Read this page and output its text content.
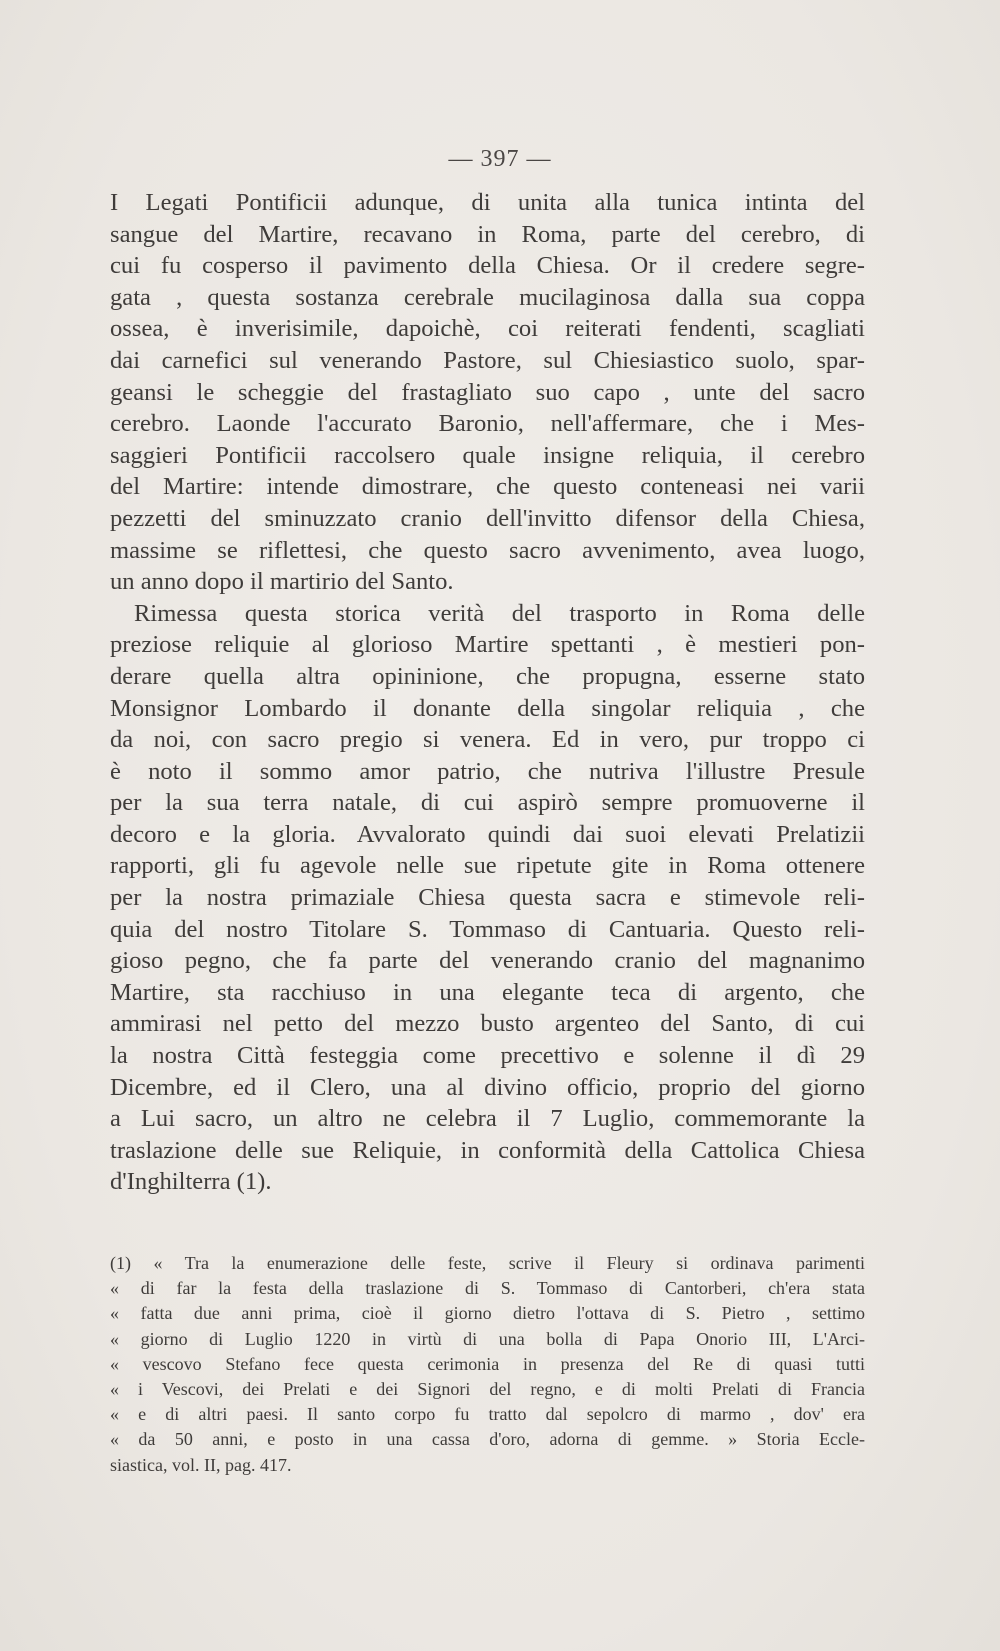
— 397 —
I Legati Pontificii adunque, di unita alla tunica intinta del
sangue del Martire, recavano in Roma, parte del cerebro, di
cui fu cosperso il pavimento della Chiesa. Or il credere segre-
gata , questa sostanza cerebrale mucilaginosa dalla sua coppa
ossea, è inverisimile, dapoichè, coi reiterati fendenti, scagliati
dai carnefici sul venerando Pastore, sul Chiesiastico suolo, spar-
geansi le scheggie del frastagliato suo capo , unte del sacro
cerebro. Laonde l'accurato Baronio, nell'affermare, che i Mes-
saggieri Pontificii raccolsero quale insigne reliquia, il cerebro
del Martire: intende dimostrare, che questo conteneasi nei varii
pezzetti del sminuzzato cranio dell'invitto difensor della Chiesa,
massime se riflettesi, che questo sacro avvenimento, avea luogo,
un anno dopo il martirio del Santo.
Rimessa questa storica verità del trasporto in Roma delle
preziose reliquie al glorioso Martire spettanti , è mestieri pon-
derare quella altra opininione, che propugna, esserne stato
Monsignor Lombardo il donante della singolar reliquia , che
da noi, con sacro pregio si venera. Ed in vero, pur troppo ci
è noto il sommo amor patrio, che nutriva l'illustre Presule
per la sua terra natale, di cui aspirò sempre promuoverne il
decoro e la gloria. Avvalorato quindi dai suoi elevati Prelatizii
rapporti, gli fu agevole nelle sue ripetute gite in Roma ottenere
per la nostra primaziale Chiesa questa sacra e stimevole reli-
quia del nostro Titolare S. Tommaso di Cantuaria. Questo reli-
gioso pegno, che fa parte del venerando cranio del magnanimo
Martire, sta racchiuso in una elegante teca di argento, che
ammirasi nel petto del mezzo busto argenteo del Santo, di cui
la nostra Città festeggia come precettivo e solenne il dì 29
Dicembre, ed il Clero, una al divino officio, proprio del giorno
a Lui sacro, un altro ne celebra il 7 Luglio, commemorante la
traslazione delle sue Reliquie, in conformità della Cattolica Chiesa
d'Inghilterra (1).
(1) « Tra la enumerazione delle feste, scrive il Fleury si ordinava parimenti
« di far la festa della traslazione di S. Tommaso di Cantorberi, ch'era stata
« fatta due anni prima, cioè il giorno dietro l'ottava di S. Pietro , settimo
« giorno di Luglio 1220 in virtù di una bolla di Papa Onorio III, L'Arci-
« vescovo Stefano fece questa cerimonia in presenza del Re di quasi tutti
« i Vescovi, dei Prelati e dei Signori del regno, e di molti Prelati di Francia
« e di altri paesi. Il santo corpo fu tratto dal sepolcro di marmo , dov' era
« da 50 anni, e posto in una cassa d'oro, adorna di gemme. » Storia Eccle-
siastica, vol. II, pag. 417.
